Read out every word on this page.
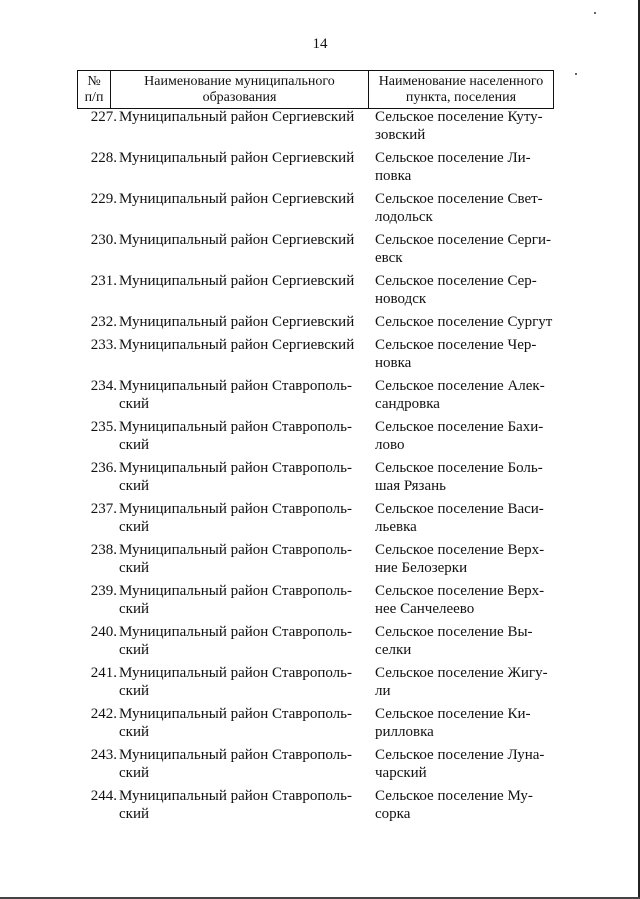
14
№
п/п
Наименование муниципального
образования
Наименование населенного
пункта, поселения
227. Муниципальный район Сергиевский Сельское поселение Куту-
зовский
228. Муниципальный район Сергиевский Сельское поселение Ли-
повка
229. Муниципальный район Сергиевский Сельское поселение Свет-
лодольск
230. Муниципальный район Сергиевский Сельское поселение Серги-
евск
231. Муниципальный район Сергиевский Сельское поселение Сер-
новодск
232. Муниципальный район Сергиевский Сельское поселение Сургут
233. Муниципальный район Сергиевский Сельское поселение Чер-
новка
234. Муниципальный район Ставрополь-
ский
Сельское поселение Алек-
сандровка
235. Муниципальный район Ставрополь-
ский
Сельское поселение Бахи-
лово
236. Муниципальный район Ставрополь-
ский
Сельское поселение Боль-
шая Рязань
237. Муниципальный район Ставрополь-
ский
Сельское поселение Васи-
льевка
238. Муниципальный район Ставрополь-
ский
Сельское поселение Верх-
ние Белозерки
239. Муниципальный район Ставрополь-
ский
Сельское поселение Верх-
нее Санчелеево
240. Муниципальный район Ставрополь-
ский
Сельское поселение Вы-
селки
241. Муниципальный район Ставрополь-
ский
Сельское поселение Жигу-
ли
242. Муниципальный район Ставрополь-
ский
Сельское поселение Ки-
рилловка
243. Муниципальный район Ставрополь-
ский
Сельское поселение Луна-
чарский
244. Муниципальный район Ставрополь-
ский
Сельское поселение Му-
сорка
